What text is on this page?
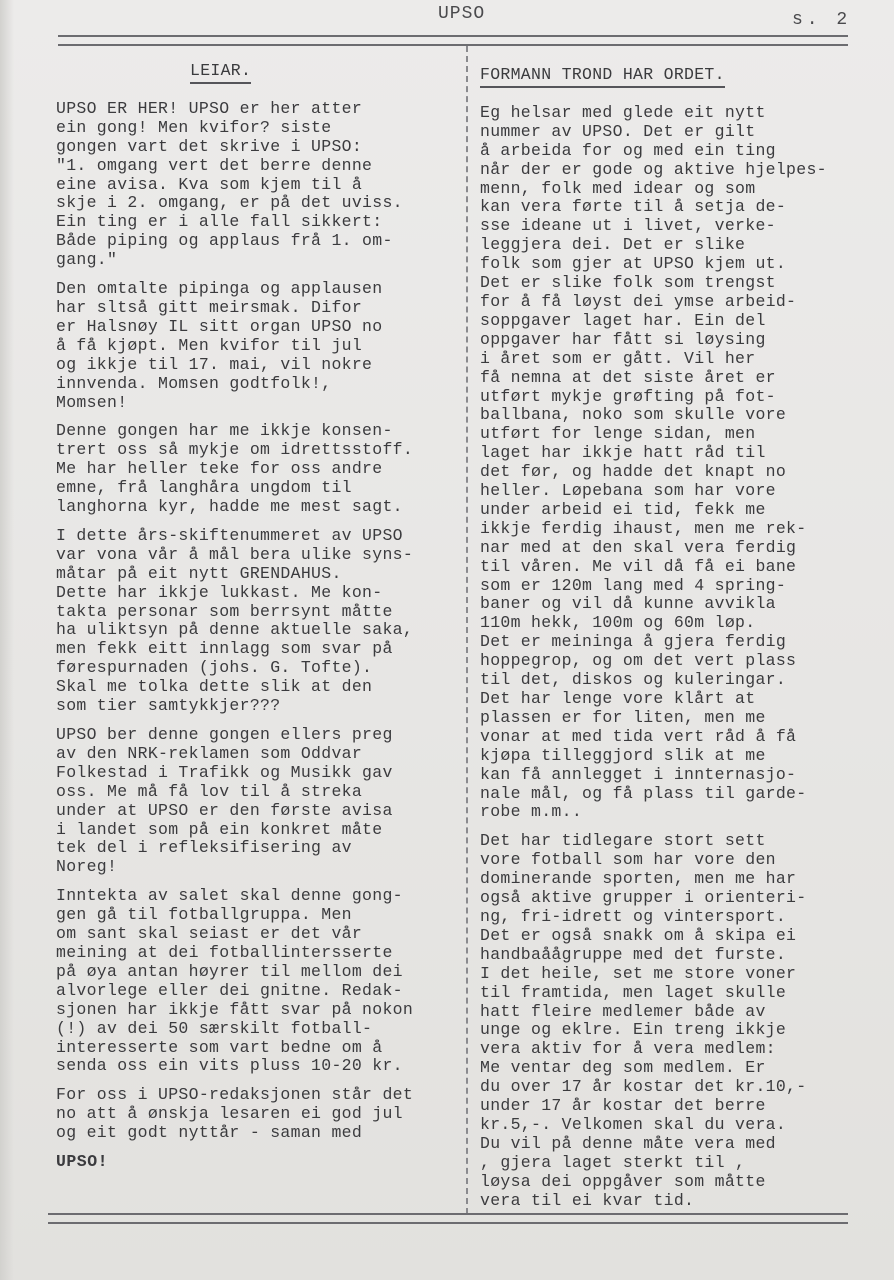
UPSO	s. 2
LEIAR.
UPSO ER HER! UPSO er her atter
ein gong! Men kvifor? siste
gongen vart det skrive i UPSO:
"1. omgang vert det berre denne
eine avisa. Kva som kjem til å
skje i 2. omgang, er på det uviss.
Ein ting er i alle fall sikkert:
Både piping og applaus frå 1. om-
gang."
Den omtalte pipinga og applausen
har sltså gitt meirsmak. Difor
er Halsnøy IL sitt organ UPSO no
å få kjøpt. Men kvifor til jul
og ikkje til 17. mai, vil nokre
innvenda. Momsen godtfolk!,
Momsen!
Denne gongen har me ikkje konsen-
trert oss så mykje om idrettsstoff.
Me har heller teke for oss andre
emne, frå langhåra ungdom til
langhorna kyr, hadde me mest sagt.
I dette års-skiftenummeret av UPSO
var vona vår å mål bera ulike syns-
måtar på eit nytt GRENDAHUS.
Dette har ikkje lukkast. Me kon-
takta personar som berrsynt måtte
ha uliktsyn på denne aktuelle saka,
men fekk eitt innlagg som svar på
førespurnaden (johs. G. Tofte).
Skal me tolka dette slik at den
som tier samtykkjer???
UPSO ber denne gongen ellers preg
av den NRK-reklamen som Oddvar
Folkestad i Trafikk og Musikk gav
oss. Me må få lov til å streka
under at UPSO er den første avisa
i landet som på ein konkret måte
tek del i refleksifisering av
Noreg!
Inntekta av salet skal denne gong-
gen gå til fotballgruppa. Men
om sant skal seiast er det vår
meining at dei fotballintersserte
på øya antan høyrer til mellom dei
alvorlege eller dei gnitne. Redak-
sjonen har ikkje fått svar på nokon
(!) av dei 50 særskilt fotball-
interesserte som vart bedne om å
senda oss ein vits pluss 10-20 kr.
For oss i UPSO-redaksjonen står det
no att å ønskja lesaren ei god jul
og eit godt nyttår - saman med
UPSO!
FORMANN TROND HAR ORDET.
Eg helsar med glede eit nytt
nummer av UPSO. Det er gilt
å arbeida for og med ein ting
når der er gode og aktive hjelpes-
menn, folk med idear og som
kan vera førte til å setja de-
sse ideane ut i livet, verke-
leggjera dei. Det er slike
folk som gjer at UPSO kjem ut.
Det er slike folk som trengst
for å få løyst dei ymse arbeid-
soppgaver laget har. Ein del
oppgaver har fått si løysing
i året som er gått. Vil her
få nemna at det siste året er
utført mykje grøfting på fot-
ballbana, noko som skulle vore
utført for lenge sidan, men
laget har ikkje hatt råd til
det før, og hadde det knapt no
heller. Løpebana som har vore
under arbeid ei tid, fekk me
ikkje ferdig ihaust, men me rek-
nar med at den skal vera ferdig
til våren. Me vil då få ei bane
som er 120m lang med 4 spring-
baner og vil då kunne avvikla
110m hekk, 100m og 60m løp.
Det er meininga å gjera ferdig
hoppegrop, og om det vert plass
til det, diskos og kuleringar.
Det har lenge vore klårt at
plassen er for liten, men me
vonar at med tida vert råd å få
kjøpa tilleggjord slik at me
kan få annlegget i innternasjo-
nale mål, og få plass til garde-
robe m.m..
Det har tidlegare stort sett
vore fotball som har vore den
dominerande sporten, men me har
også aktive grupper i orienteri-
ng, fri-idrett og vintersport.
Det er også snakk om å skipa ei
handbaåågruppe med det furste.
I det heile, set me store voner
til framtida, men laget skulle
hatt fleire medlemer både av
unge og eklre. Ein treng ikkje
vera aktiv for å vera medlem:
Me ventar deg som medlem. Er
du over 17 år kostar det kr.10,-
under 17 år kostar det berre
kr.5,-. Velkomen skal du vera.
Du vil på denne måte vera med
, gjera laget sterkt til ,
løysa dei oppgåver som måtte
vera til ei kvar tid.
